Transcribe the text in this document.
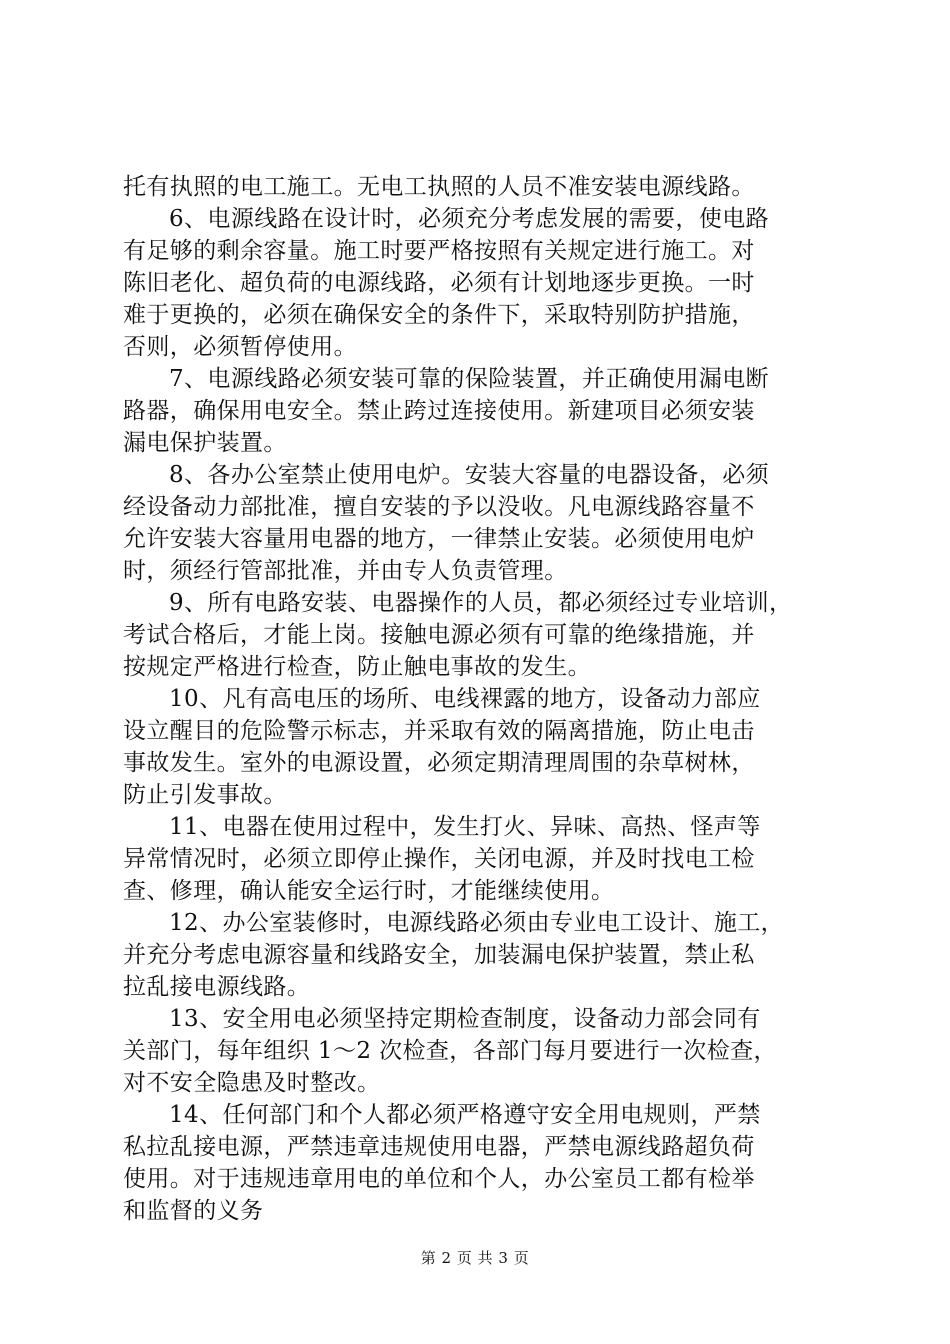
托有执照的电工施工。无电工执照的人员不准安装电源线路。
6、电源线路在设计时，必须充分考虑发展的需要，使电路
有足够的剩余容量。施工时要严格按照有关规定进行施工。对
陈旧老化、超负荷的电源线路，必须有计划地逐步更换。一时
难于更换的，必须在确保安全的条件下，采取特别防护措施，
否则，必须暂停使用。
7、电源线路必须安装可靠的保险装置，并正确使用漏电断
路器，确保用电安全。禁止跨过连接使用。新建项目必须安装
漏电保护装置。
8、各办公室禁止使用电炉。安装大容量的电器设备，必须
经设备动力部批准，擅自安装的予以没收。凡电源线路容量不
允许安装大容量用电器的地方，一律禁止安装。必须使用电炉
时，须经行管部批准，并由专人负责管理。
9、所有电路安装、电器操作的人员，都必须经过专业培训，
考试合格后，才能上岗。接触电源必须有可靠的绝缘措施，并
按规定严格进行检查，防止触电事故的发生。
10、凡有高电压的场所、电线裸露的地方，设备动力部应
设立醒目的危险警示标志，并采取有效的隔离措施，防止电击
事故发生。室外的电源设置，必须定期清理周围的杂草树林，
防止引发事故。
11、电器在使用过程中，发生打火、异味、高热、怪声等
异常情况时，必须立即停止操作，关闭电源，并及时找电工检
查、修理，确认能安全运行时，才能继续使用。
12、办公室装修时，电源线路必须由专业电工设计、施工，
并充分考虑电源容量和线路安全，加装漏电保护装置，禁止私
拉乱接电源线路。
13、安全用电必须坚持定期检查制度，设备动力部会同有
关部门，每年组织 1～2 次检查，各部门每月要进行一次检查，
对不安全隐患及时整改。
14、任何部门和个人都必须严格遵守安全用电规则，严禁
私拉乱接电源，严禁违章违规使用电器，严禁电源线路超负荷
使用。对于违规违章用电的单位和个人，办公室员工都有检举
和监督的义务
第 2 页 共 3 页
